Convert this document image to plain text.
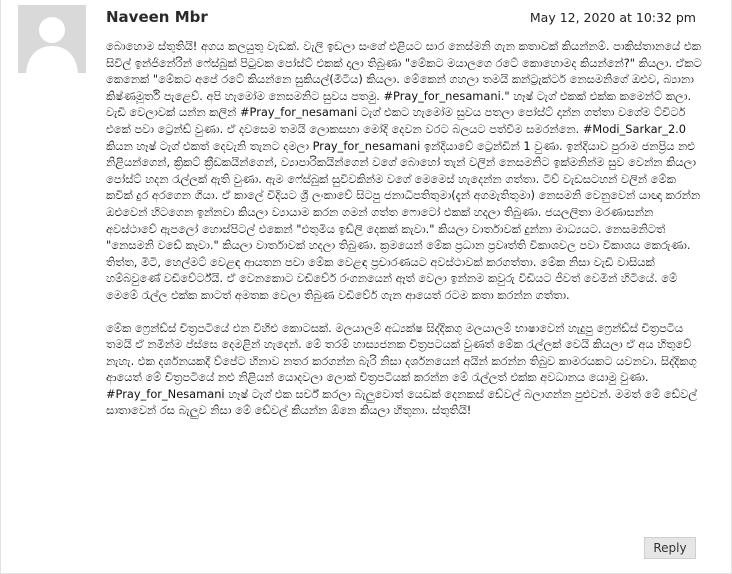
Naveen Mbr	May 12, 2020 at 10:32 pm

බොහොම ස්තුතියි! අගය කලයුතු වැඩක්. වැලි ඉඩලා සංගේ එළියට සාර නෙස්මනි ගැන කතාවක් කියන්නම්. පාකිස්තානයේ එක සිවිල් ඉන්ජිනේරින් ෆේස්බුක් පිටුවක පෝස්ට් එකක් දාලා තිබුණා "මේකට මයාලගෙ රටේ කොහොමද කියන්නේ?" කියලා. ඒකට කෙනෙක් "මේකට අපේ රටේ කියන්නෙ සුකියල්(මීටිය) කියලා. මේකෙන් ගහලා තමයි කන්ට්‍රැක්ටර් නෙසමනිගේ ඔළුව, බ්‍යානා කිෂ්ණමූර්ති පැළෙව්. අපි හැමෝම නෙසමනිට සුවය පතමු. #Pray_for_nesamani." හෑෂ් ටැග් එකක් එක්ක කමෙන්ට් කලා. වැඩි වෙලාවක් යන්න කලින් #Pray_for_nesamani ටැග් එකට හැමෝම සුවය පතලා පෝස්ට් දාන්න ගත්තා වගේම ට්විටර් එකේ පවා ට්‍රෙන්ඩ් වුණා. ඒ දවසෙම තමයි ලොකසභා මෝදි දෙවන වරට බලයට පත්වීම සමරන්නෙ. #Modi_Sarkar_2.0 කියන හෑෂ් ටැග් එකත් දෙවැනි තැනට දමලා Pray_for_nesamani ඉන්දියාවේ ට්‍රෙන්ඩින් 1 වුණා. ඉන්දියාව පුරාම ජනප්‍රිය නළු නිළියන්ගෙන්, ක්‍රිකට් ක්‍රීඩකයින්ගෙන්, ව්‍යාපාරිකයින්ගෙන් වගේ බොහෝ තැන් වලින් නෙසමනිට ඉක්මනින්ම සුව වෙන්න කියලා පෝස්ට් හදන රැල්ලක් ඇති වුණා. ඇම ෆේස්බුක් සුවිවකින්ම වගේ මෙමෙස් හැදෙන්න ගත්තා. ටිව් වැඩසටහන් වලින් මේක කවික් දුර අරගෙන ගියා. ඒ කාලේ විදියට ශ්‍රී ලංකාවේ සිටපු ජනාධිපතිතුමා(දැන් අගමැතිතුමා) නෙසමනි වෙනුවෙන් යාඥා කරන්න ඔළුවෙන් හිටගෙන ඉන්නවා කියලා ව්‍යායාම කරන ගමන් ගත්ත ෆොටෝ එකක් හදලා තිබුණා. ජයලලිතා මරණාසන්න අවස්ථාවේ ඇපලෝ හොස්පිටල් එකෙන් "එතුමිය ඉඩ්ලි දෙකක් කැවා." කියලා වාර්තාවක් දුන්නා මාධ්‍යයට. නෙසමනිටත් "නෙසමනි වඩේ කෑවා." කියලා වාර්තාවක් හදලා තිබුණා. ක්‍රමයෙන් මේක ප්‍රධාන ප්‍රවෘත්ති විකාශවල පවා විකාශය කෙරුණා. තිත්ත, මිටි, හෙල්මට් වෙළඳ ආයතන පවා මේක වෙළඳ ප්‍රචාරණයට අවස්ථාවක් කරගත්තා. මේක නිසා වැඩි වාසියක් හම්බවුණේ වඩිවේර්ට්යි. ඒ වෙනකොට වඩිවේර් රංගනයෙන් ඈත් වෙලා ඉන්නම කවුරු විඩියට ජීවත් වෙමින් හිටියේ. මේ මෙමේ රැල්ල එක්ක කාටත් අමතක වෙලා තිබුණ වඩිවේර් ගැන ආයෙත් රටම කතා කරන්න ගත්තා.

මේක ෆ්‍රෙන්ඩ්ස් චිත්‍රපටියේ එන විහිළු කොටසක්. මලයාලම් අධ්‍යක්ෂ සිද්දිකගු මලයාලම් භාෂාවෙන් හැදුපු ෆ්‍රෙන්ඩ්ස් චිත්‍රපටිය තමයි ඒ නමින්ම ප්ස්සෙ දෙමළින් හැදෙන්. මේ තරම් හාස්‍යජනක චිත්‍රපටයක් වුණත් මේක රැල්ලක් වෙයි කියලා ඒ අය හිතුවේ නැහැ. එක දර්ශනයකදී ව්පේට හිනාව නතර කරගන්න බැරි නිසා දර්ශනයෙන් අයින් කරන්න තිබුව කාමරයකට යවනවා. සිද්දිකගු ආයෙත් මේ චිත්‍රපටියේ නළු නිළියන් යොදවලා ලොක් චිත්‍රපටියක් කරන්න මේ රැල්ලත් එක්ක අවධානය යොමු වුණා. #Pray_for_Nesamani හෑෂ් ටැග් එක සර්ච් කරලා බැලුවොත් යෙඩක් දෙනකස් ඩේවල් බලාගන්න පුළුවන්. මමත් මේ ඩේවල් සාතාවෙන් රස බැලුව නිසා මේ ඩේවල් කියන්න ඕනෙ කියලා හිතුනා. ස්තුතියි!

Reply
